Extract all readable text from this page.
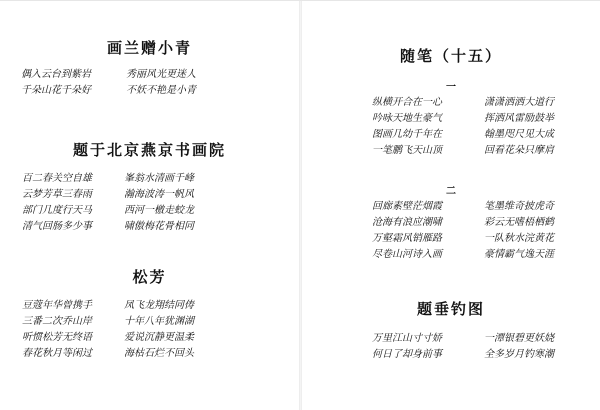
画兰赠小青
偶入云台到紫岩	秀丽风光更迷人
千朵山花千朵好	不妖不艳是小青
题于北京燕京书画院
百二春关空自雄	峯翁水清画千峰
云梦芳草三春雨	瀚海波涛一帆风
部门几度行天马	西河一檄走蛟龙
清气回肠多少事	啸傲梅花骨相同
松芳
豆蔻年华曾携手	凤飞龙翔结同俦
三番二次乔山岸	十年八年犹渊湖
听惯松芳无终语	爱说沉静更温柔
春花秋月等闲过	海枯石烂不回头
随笔（十五）
一
纵横开合在一心	潇潇洒洒大道行
吟咏天地生豪气	挥洒风雷励鼓举
图画几幼千年在	翰墨咫尺见大成
一笔鹏飞天山顶	回看花朵只摩肩
二
回廊素壁茫烟霞	笔墨维奇披虎奇
沧海有浪应潮啸	彩云无嗜梧栖鹤
万壑霜风销雁路	一队秋水浣黄花
尽卷山河诗入画	豪情霸气逸天涯
题垂钓图
万里江山寸寸娇	一潭银碧更妖娆
何日了却身前事	全多岁月钓寒潮
